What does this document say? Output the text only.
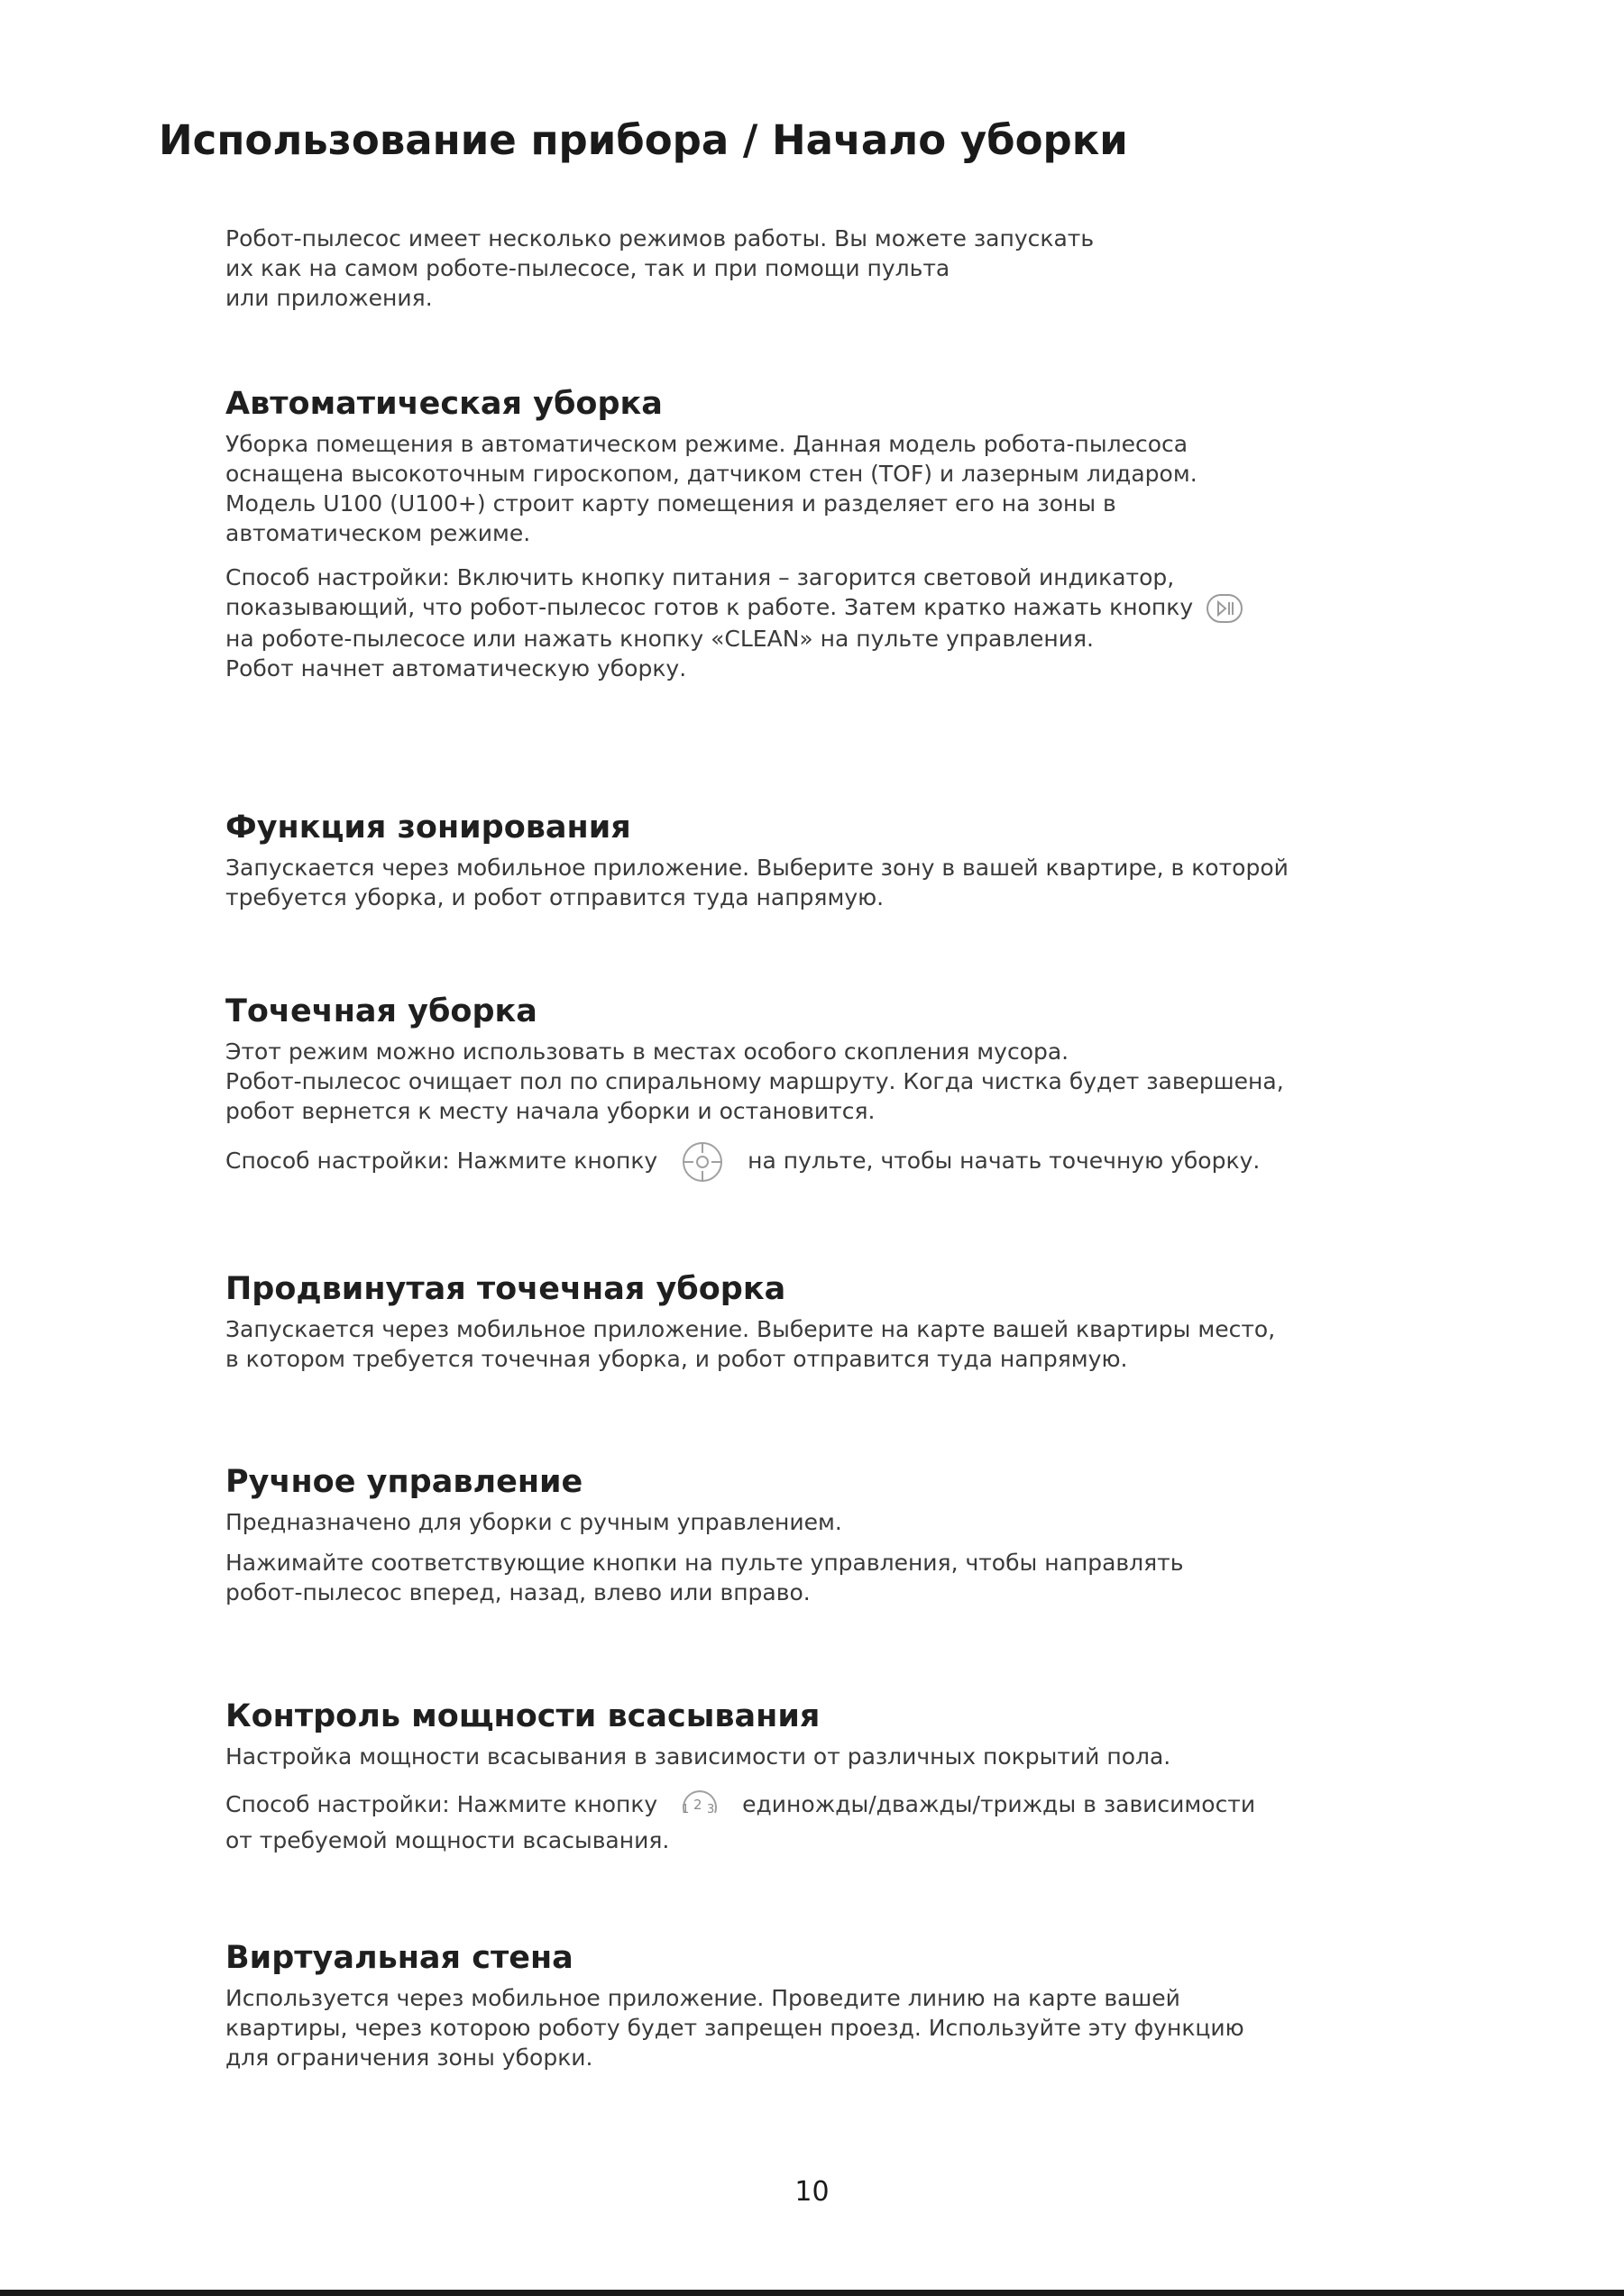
Использование прибора / Начало уборки

Робот-пылесос имеет несколько режимов работы. Вы можете запускать
их как на самом роботе-пылесосе, так и при помощи пульта
или приложения.

Автоматическая уборка

Уборка помещения в автоматическом режиме. Данная модель робота-пылесоса
оснащена высокоточным гироскопом, датчиком стен (TOF) и лазерным лидаром.
Модель U100 (U100+) строит карту помещения и разделяет его на зоны в
автоматическом режиме.

Способ настройки: Включить кнопку питания – загорится световой индикатор,
показывающий, что робот-пылесос готов к работе. Затем кратко нажать кнопку
на роботе-пылесосе или нажать кнопку «CLEAN» на пульте управления.
Робот начнет автоматическую уборку.

Функция зонирования

Запускается через мобильное приложение. Выберите зону в вашей квартире, в которой
требуется уборка, и робот отправится туда напрямую.

Точечная уборка

Этот режим можно использовать в местах особого скопления мусора.
Робот-пылесос очищает пол по спиральному маршруту. Когда чистка будет завершена,
робот вернется к месту начала уборки и остановится.

Способ настройки: Нажмите кнопку	на пульте, чтобы начать точечную уборку.

Продвинутая точечная уборка

Запускается через мобильное приложение. Выберите на карте вашей квартиры место,
в котором требуется точечная уборка, и робот отправится туда напрямую.

Ручное управление

Предназначено для уборки с ручным управлением.

Нажимайте соответствующие кнопки на пульте управления, чтобы направлять
робот-пылесос вперед, назад, влево или вправо.

Контроль мощности всасывания

Настройка мощности всасывания в зависимости от различных покрытий пола.

Способ настройки: Нажмите кнопку 1 2 3 единожды/дважды/трижды в зависимости
от требуемой мощности всасывания.

Виртуальная стена

Используется через мобильное приложение. Проведите линию на карте вашей
квартиры, через которою роботу будет запрещен проезд. Используйте эту функцию
для ограничения зоны уборки.

10
